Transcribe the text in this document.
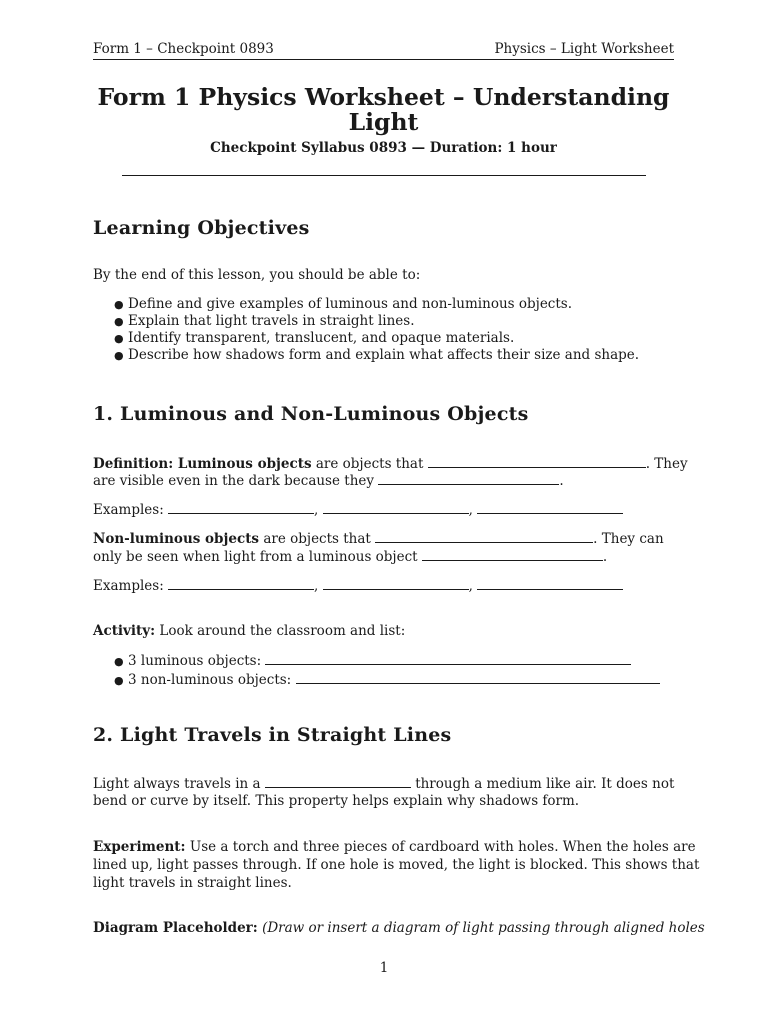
Form 1 – Checkpoint 0893	Physics – Light Worksheet
Form 1 Physics Worksheet – Understanding
Light
Checkpoint Syllabus 0893 — Duration: 1 hour
Learning Objectives
By the end of this lesson, you should be able to:
● Define and give examples of luminous and non-luminous objects.
● Explain that light travels in straight lines.
● Identify transparent, translucent, and opaque materials.
● Describe how shadows form and explain what affects their size and shape.
1. Luminous and Non-Luminous Objects
Definition: Luminous objects are objects that	. They
are visible even in the dark because they	.
Examples:	,	,
Non-luminous objects are objects that	. They can
only be seen when light from a luminous object	.
Examples:	,	,
Activity: Look around the classroom and list:
● 3 luminous objects:
● 3 non-luminous objects:
2. Light Travels in Straight Lines
Light always travels in a	through a medium like air. It does not
bend or curve by itself. This property helps explain why shadows form.
Experiment: Use a torch and three pieces of cardboard with holes. When the holes are
lined up, light passes through. If one hole is moved, the light is blocked. This shows that
light travels in straight lines.
Diagram Placeholder: (Draw or insert a diagram of light passing through aligned holes
1
